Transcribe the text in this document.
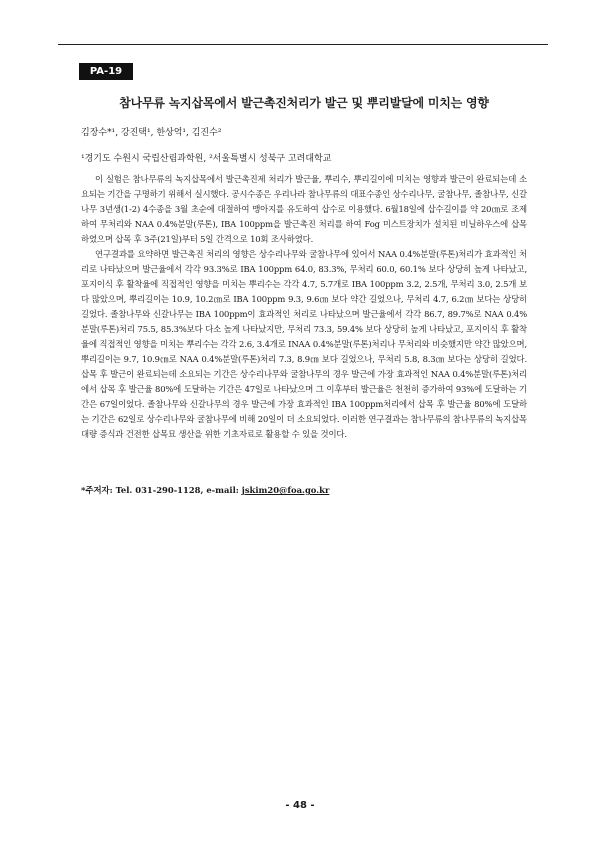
PA-19
참나무류 녹지삽목에서 발근촉진처리가 발근 및 뿌리발달에 미치는 영향
김장수*¹, 강진택¹, 한상억¹, 김진수²
¹경기도 수원시 국립산림과학원, ²서울특별시 성북구 고려대학교

이 실험은 참나무류의 녹지삽목에서 발근촉진제 처리가 발근율, 뿌리수, 뿌리길이에 미치는 영향과 발근이 완료되는데 소요되는 기간을 구명하기 위해서 실시했다. 공시수종은 우리나라 참나무류의 대표수종인 상수리나무, 굴참나무, 졸참나무, 신갈나무 3년생(1-2) 4수종을 3월 초순에 대절하여 맹아지를 유도하여 삽수로 이용했다. 6월18일에 삽수길이를 약 20㎝로 조제하여 무처리와 NAA 0.4%분말(루톤), IBA 100ppm을 발근촉진 처리를 하여 Fog 미스트장치가 설치된 비닐하우스에 삽목하였으며 삽목 후 3주(21일)부터 5일 간격으로 10회 조사하였다.

연구결과를 요약하면 발근촉진 처리의 영향은 상수리나무와 굴참나무에 있어서 NAA 0.4%분말(루톤)처리가 효과적인 처리로 나타났으며 발근율에서 각각 93.3%로 IBA 100ppm 64.0, 83.3%, 무처리 60.0, 60.1% 보다 상당히 높게 나타났고, 포지이식 후 활착율에 직접적인 영향을 미치는 뿌리수는 각각 4.7, 5.7개로 IBA 100ppm 3.2, 2.5개, 무처리 3.0, 2.5개 보다 많았으며, 뿌리길이는 10.9, 10.2㎝로 IBA 100ppm 9.3, 9.6㎝ 보다 약간 길었으나, 무처리 4.7, 6.2㎝ 보다는 상당히 길었다. 졸참나무와 신갈나무는 IBA 100ppm이 효과적인 처리로 나타났으며 발근율에서 각각 86.7, 89.7%로 NAA 0.4%분말(루톤)처리 75.5, 85.3%보다 다소 높게 나타났지만, 무처리 73.3, 59.4% 보다 상당히 높게 나타났고, 포지이식 후 활착율에 직접적인 영향을 미치는 뿌리수는 각각 2.6, 3.4개로 INAA 0.4%분말(루톤)처리나 무처리와 비슷했지만 약간 많았으며, 뿌리길이는 9.7, 10.9㎝로 NAA 0.4%분말(루톤)처리 7.3, 8.9㎝ 보다 길었으나, 무처리 5.8, 8.3㎝ 보다는 상당히 길었다. 삽목 후 발근이 완료되는데 소요되는 기간은 상수리나무와 굴참나무의 경우 발근에 가장 효과적인 NAA 0.4%분말(루톤)처리에서 삽목 후 발근율 80%에 도달하는 기간은 47일로 나타났으며 그 이후부터 발근율은 천천히 증가하여 93%에 도달하는 기간은 67일이었다. 졸참나무와 신갈나무의 경우 발근에 가장 효과적인 IBA 100ppm처리에서 삽목 후 발근율 80%에 도달하는 기간은 62일로 상수리나무와 굴참나무에 비해 20일이 더 소요되었다. 이러한 연구결과는 참나무류의 참나무류의 녹지삽목 대량 증식과 건전한 삽목묘 생산을 위한 기초자료로 활용할 수 있을 것이다.

*주저자: Tel. 031-290-1128, e-mail: jskim20@foa.go.kr
- 48 -
